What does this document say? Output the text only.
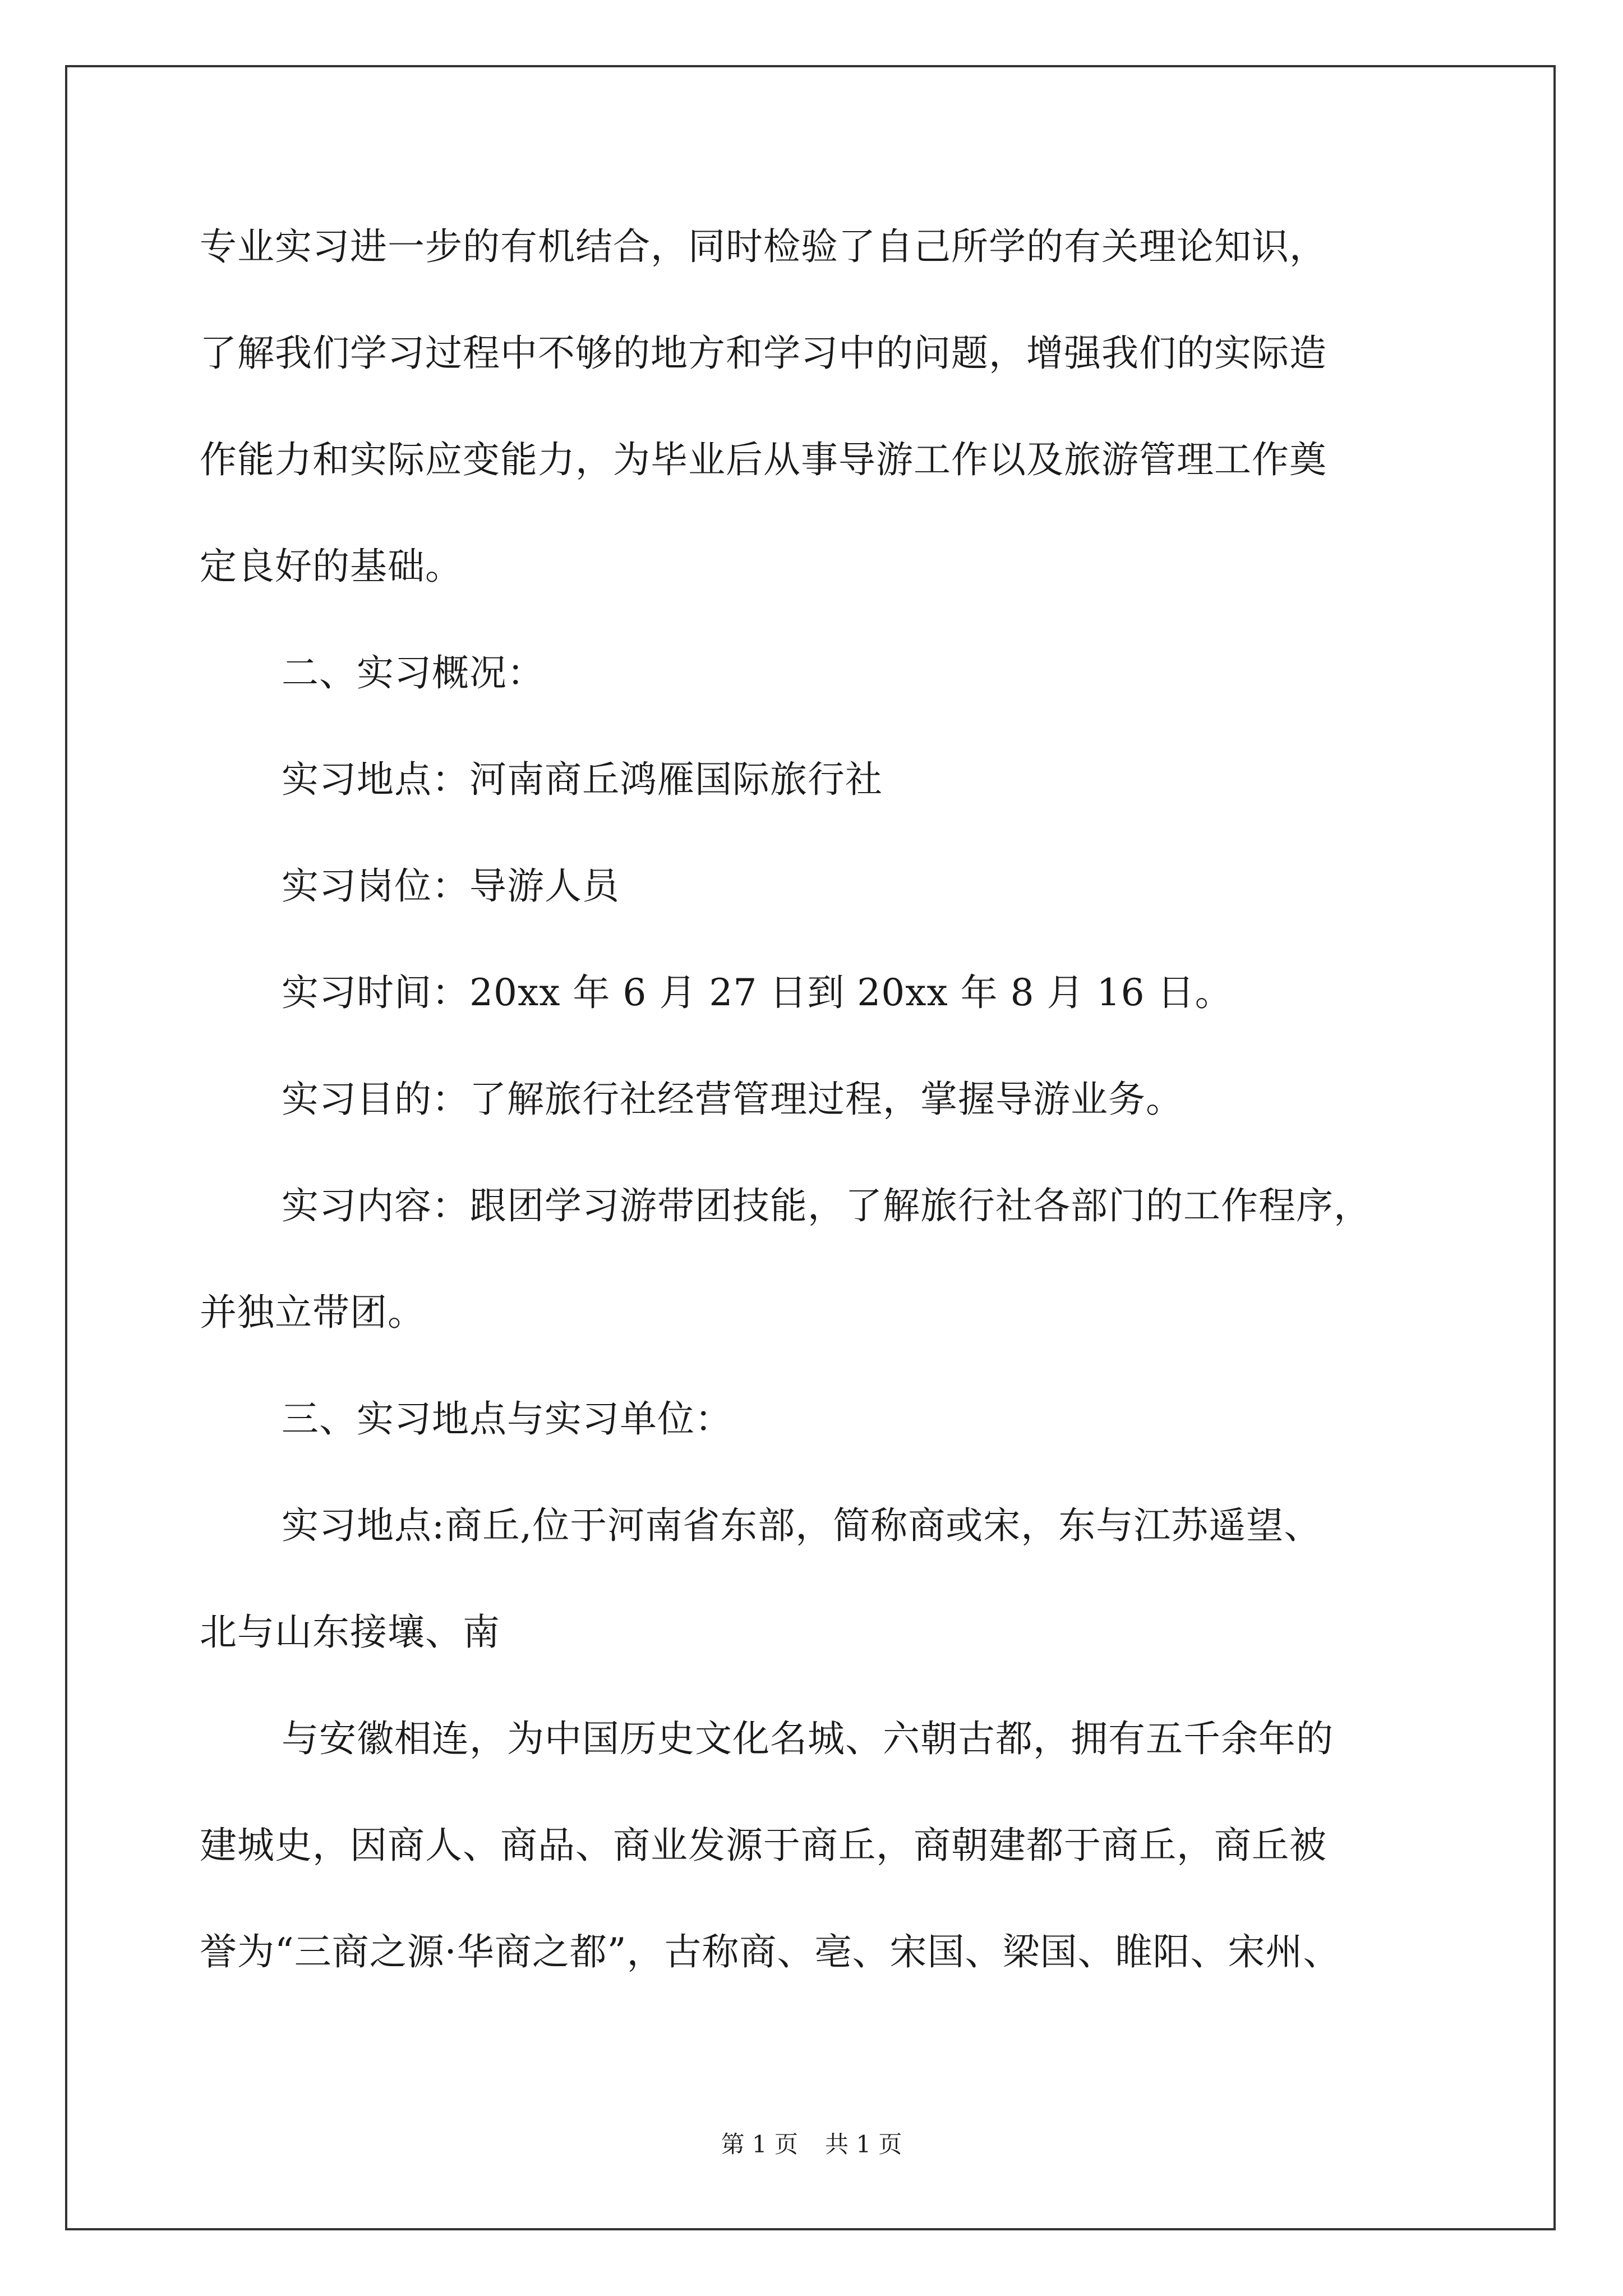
专业实习进一步的有机结合，同时检验了自己所学的有关理论知识，
了解我们学习过程中不够的地方和学习中的问题，增强我们的实际造
作能力和实际应变能力，为毕业后从事导游工作以及旅游管理工作奠
定良好的基础。
二、实习概况：
实习地点：河南商丘鸿雁国际旅行社
实习岗位：导游人员
实习时间：20xx 年 6 月 27 日到 20xx 年 8 月 16 日。
实习目的：了解旅行社经营管理过程，掌握导游业务。
实习内容：跟团学习游带团技能，了解旅行社各部门的工作程序，
并独立带团。
三、实习地点与实习单位：
实习地点:商丘,位于河南省东部，简称商或宋，东与江苏遥望、
北与山东接壤、南
与安徽相连，为中国历史文化名城、六朝古都，拥有五千余年的
建城史，因商人、商品、商业发源于商丘，商朝建都于商丘，商丘被
誉为“三商之源·华商之都”，古称商、亳、宋国、梁国、睢阳、宋州、
第 1 页 共 1 页
